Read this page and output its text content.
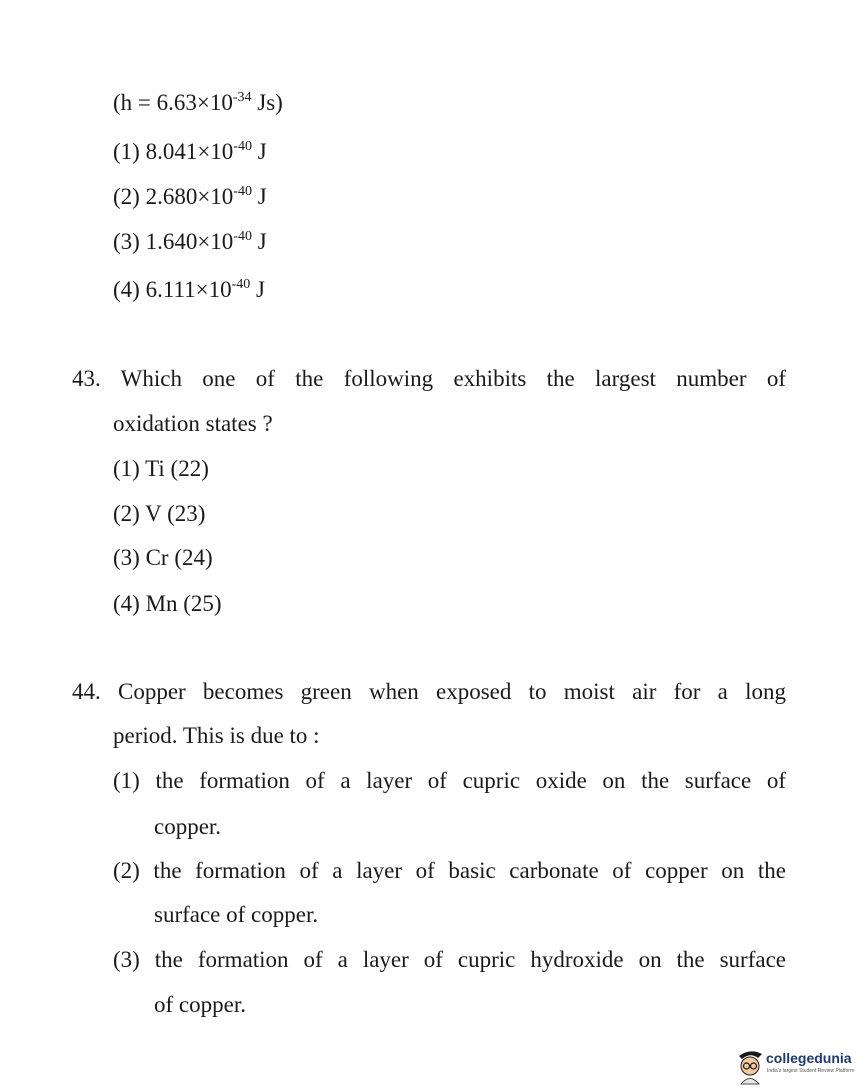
($h = 6.63\times 10^{-34}$ Js)
(1) $8.041\times 10^{-40}$ J
(2) $2.680\times 10^{-40}$ J
(3) $1.640\times 10^{-40}$ J
(4) $6.111\times 10^{-40}$ J
43. Which one of the following exhibits the largest number of
oxidation states ?
(1) Ti (22)
(2) V (23)
(3) Cr (24)
(4) Mn (25)
44. Copper becomes green when exposed to moist air for a long
period. This is due to :
(1) the formation of a layer of cupric oxide on the surface of
copper.
(2) the formation of a layer of basic carbonate of copper on the
surface of copper.
(3) the formation of a layer of cupric hydroxide on the surface
of copper.
collegedunia
India's largest Student Review Platform
